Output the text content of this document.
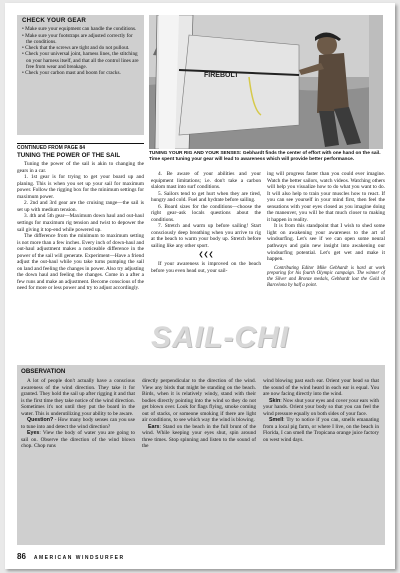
CHECK YOUR GEAR
• Make sure your equipment can handle the conditions.
• Make sure your footstraps are adjusted correctly for the conditions.
• Check that the screws are tight and do not pullout.
• Check your universal joint, harness lines, the stitching on your harness itself, and that all the control lines are free from wear and breakage.
• Check your carbon mast and boom for cracks.	FIREBOLT
TUNING YOUR RIG AND YOUR SENSES: Gebhardt finds the center of effort with one hand on the sail. Time spent tuning your gear will lead to awareness which will provide better performance.
CONTINUED FROM PAGE 84
TUNING THE POWER OF THE SAIL

Tuning the power of the sail is akin to changing the gears in a car.

1. 1st gear is for trying to get your board up and planing. This is when you set up your sail for maximum power. Follow the rigging box for the minimum settings for maximum power.

2. 2nd and 3rd gear are the cruising range—the sail is set up with medium tension.

3. 4th and 5th gear—Maximum down haul and out-haul settings for maximum rig tension and twist to depower the sail giving it top-end while powered up.

The difference from the minimum to maximum setting is not more than a few inches. Every inch of down-haul and out-haul adjustment makes a noticeable difference in the power of the sail will generate. Experiment—Have a friend adjust the out-haul while you take turns pumping the sail on land and feeling the changes in power. Also try adjusting the down haul and feeling the changes. Come in a after a few runs and make an adjustment. Become conscious of the need for more or less power and try to adjust accordingly.

4. Be aware of your abilities and your equipment limitations; i.e. don't take a carbon slalom mast into surf conditions.

5. Sailors tend to get hurt when they are tired, hungry and cold. Fuel and hydrate before sailing.

6. Board sizes for the conditions—choose the right gear–ask locals questions about the conditions.

7. Stretch and warm up before sailing! Start consciously deep breathing when you arrive to rig at the beach to warm your body up. Stretch before sailing like any other sport.

❮❮❮

If your awareness is improved on the beach before you even head out, your sail-

ing will progress faster than you could ever imagine. Watch the better sailors, watch videos. Watching others will help you visualize how to do what you want to do. It will also help to train your muscles how to react. If you can see yourself in your mind first, then feel the sensations with your eyes closed as you imagine doing the maneuver, you will be that much closer to making it happen in reality.

It is from this standpoint that I wish to shed some light on awakening your awareness to the art of windsurfing. Let's see if we can open some neural pathways and gain new insight into awakening our windsurfing potential. Let's get wet and make it happen.

Contributing Editor Mike Gebhardt is hard at work preparing for his fourth Olympic campaign. The winner of the Silver and Bronze medals, Gebhardt lost the Gold in Barcelona by half a point.

SAIL-CHI
OBSERVATION

A lot of people don't actually have a conscious awareness of the wind direction. They take it for granted. They hold the sail up after rigging it and that is the first time they take notice of the wind direction. Sometimes it's not until they put the board in the water. This is underutilizing your ability to be aware.

Question? - How many body senses can you use to tune into and detect the wind direction?

Eyes: View the body of water you are going to sail on. Observe the direction of the wind blown chop. Chop runs

directly perpendicular to the direction of the wind. View any birds that might be standing on the beach. Birds, when it is relatively windy, stand with their bodies directly pointing into the wind so they do not get blown over. Look for flags flying, smoke coming out of stacks, or someone smoking if there are light air conditions, to see which way the wind is blowing.

Ears: Stand on the beach in the full brunt of the wind. While keeping your eyes shut, spin around three times. Stop spinning and listen to the sound of the

wind blowing past each ear. Orient your head so that the sound of the wind heard in each ear is equal. You are now facing directly into the wind.

Skin: Now shut your eyes and cover your ears with your hands. Orient your body so that you can feel the wind pressure equally on both sides of your face.

Smell: Try to notice if you can, smells emanating from a local pig farm, or where I live, on the beach in Florida, I can smell the Tropicana orange juice factory on west wind days.

86 AMERICAN WINDSURFER
